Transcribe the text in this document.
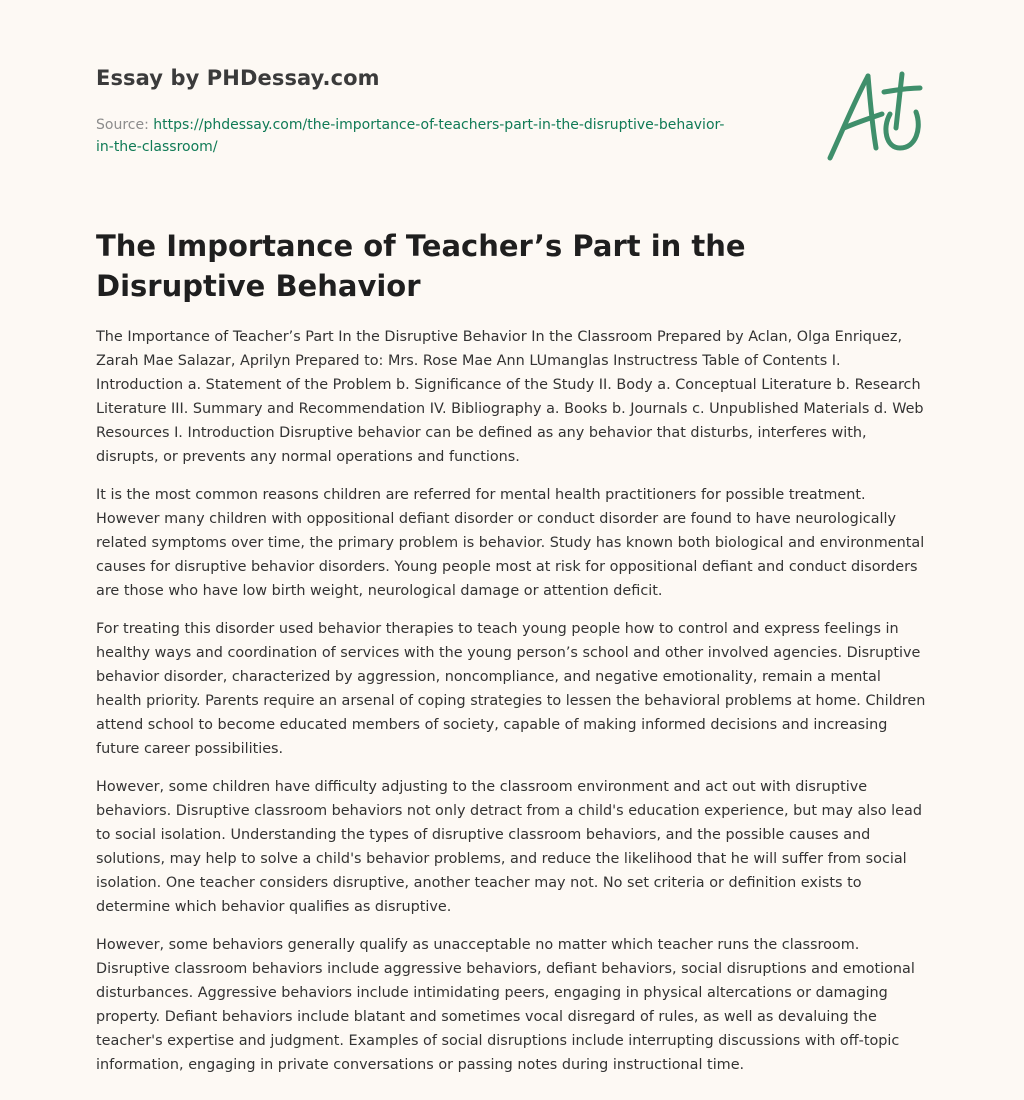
Essay by PHDessay.com
Source: https://phdessay.com/the-importance-of-teachers-part-in-the-disruptive-behavior-in-the-classroom/
The Importance of Teacher’s Part in the Disruptive Behavior

The Importance of Teacher’s Part In the Disruptive Behavior In the Classroom Prepared by Aclan, Olga Enriquez, Zarah Mae Salazar, Aprilyn Prepared to: Mrs. Rose Mae Ann LUmanglas Instructress Table of Contents I. Introduction a. Statement of the Problem b. Significance of the Study II. Body a. Conceptual Literature b. Research Literature III. Summary and Recommendation IV. Bibliography a. Books b. Journals c. Unpublished Materials d. Web Resources I. Introduction Disruptive behavior can be defined as any behavior that disturbs, interferes with, disrupts, or prevents any normal operations and functions.

It is the most common reasons children are referred for mental health practitioners for possible treatment. However many children with oppositional defiant disorder or conduct disorder are found to have neurologically related symptoms over time, the primary problem is behavior. Study has known both biological and environmental causes for disruptive behavior disorders. Young people most at risk for oppositional defiant and conduct disorders are those who have low birth weight, neurological damage or attention deficit.

For treating this disorder used behavior therapies to teach young people how to control and express feelings in healthy ways and coordination of services with the young person’s school and other involved agencies. Disruptive behavior disorder, characterized by aggression, noncompliance, and negative emotionality, remain a mental health priority. Parents require an arsenal of coping strategies to lessen the behavioral problems at home. Children attend school to become educated members of society, capable of making informed decisions and increasing future career possibilities.

However, some children have difficulty adjusting to the classroom environment and act out with disruptive behaviors. Disruptive classroom behaviors not only detract from a child's education experience, but may also lead to social isolation. Understanding the types of disruptive classroom behaviors, and the possible causes and solutions, may help to solve a child's behavior problems, and reduce the likelihood that he will suffer from social isolation. One teacher considers disruptive, another teacher may not. No set criteria or definition exists to determine which behavior qualifies as disruptive.

However, some behaviors generally qualify as unacceptable no matter which teacher runs the classroom. Disruptive classroom behaviors include aggressive behaviors, defiant behaviors, social disruptions and emotional disturbances. Aggressive behaviors include intimidating peers, engaging in physical altercations or damaging property. Defiant behaviors include blatant and sometimes vocal disregard of rules, as well as devaluing the teacher's expertise and judgment. Examples of social disruptions include interrupting discussions with off-topic information, engaging in private conversations or passing notes during instructional time.
